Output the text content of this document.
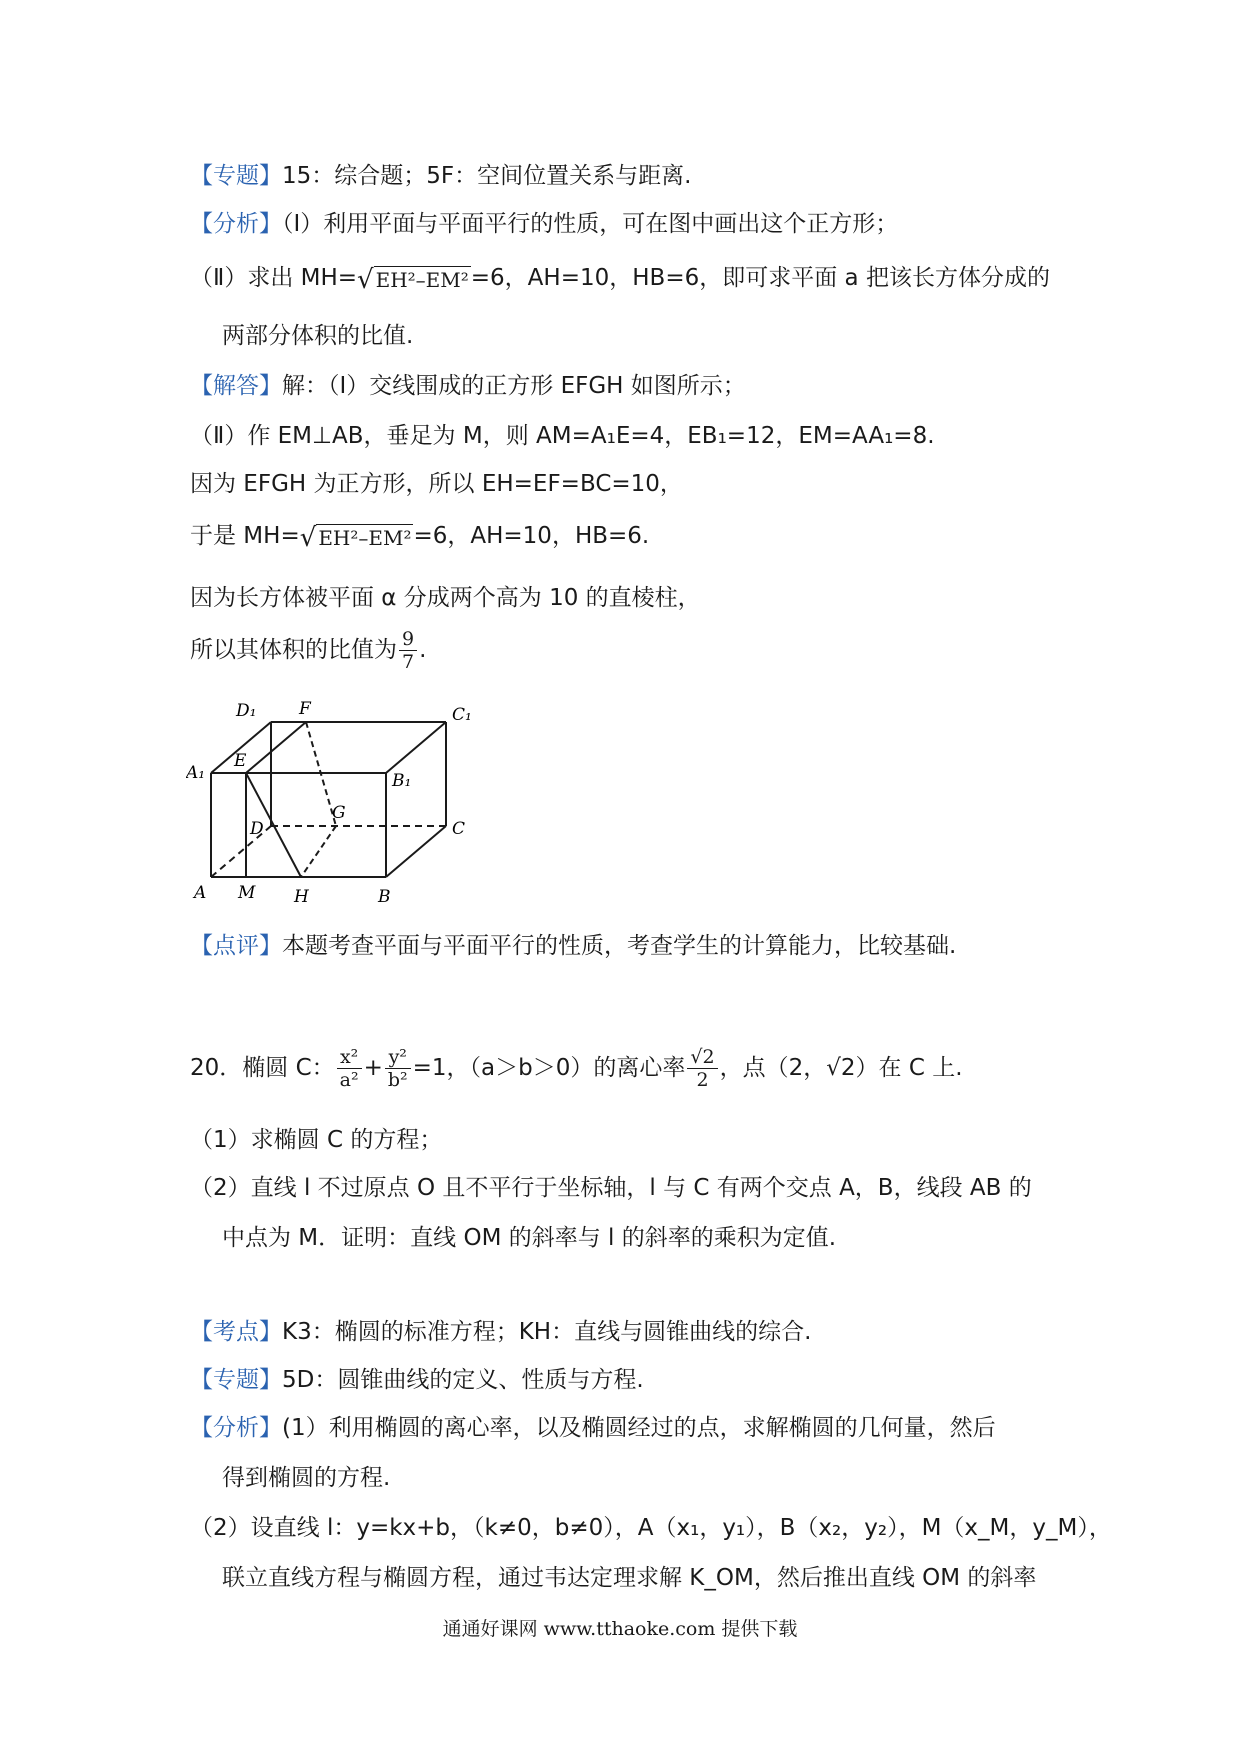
【专题】15：综合题；5F：空间位置关系与距离.
【分析】（Ⅰ）利用平面与平面平行的性质，可在图中画出这个正方形；
（Ⅱ）求出 MH=√ EH²–EM²=6，AH=10，HB=6，即可求平面 a 把该长方体分成的
两部分体积的比值.
【解答】解：（Ⅰ）交线围成的正方形 EFGH 如图所示；
（Ⅱ）作 EM⊥AB，垂足为 M，则 AM=A₁E=4，EB₁=12，EM=AA₁=8.
因为 EFGH 为正方形，所以 EH=EF=BC=10，
于是 MH=√ EH²–EM²=6，AH=10，HB=6.
因为长方体被平面 α 分成两个高为 10 的直棱柱，
所以其体积的比值为 $\frac{9}{7}$ .
D₁	F	C₁
E
A₁	B₁
G
D	C
A M H	B
【点评】本题考查平面与平面平行的性质，考查学生的计算能力，比较基础.
20．椭圆 C： $\frac{\text{x²}}{\text{a²}} + \frac{\text{y²}}{\text{b²}} =1$，（a＞b＞0）的离心率 $\frac{√2}{2}$ ，点（2，√2）在 C 上.
（1）求椭圆 C 的方程；
（2）直线 l 不过原点 O 且不平行于坐标轴，l 与 C 有两个交点 A，B，线段 AB 的
中点为 M．证明：直线 OM 的斜率与 l 的斜率的乘积为定值.
【考点】K3：椭圆的标准方程；KH：直线与圆锥曲线的综合.
【专题】5D：圆锥曲线的定义、性质与方程.
【分析】(1）利用椭圆的离心率，以及椭圆经过的点，求解椭圆的几何量，然后
得到椭圆的方程.
（2）设直线 l：y=kx+b，（k≠0，b≠0），A（x₁，y₁），B（x₂，y₂），M（x_M，y_M），
联立直线方程与椭圆方程，通过韦达定理求解 K_OM，然后推出直线 OM 的斜率
通通好课网 www.tthaoke.com 提供下载
